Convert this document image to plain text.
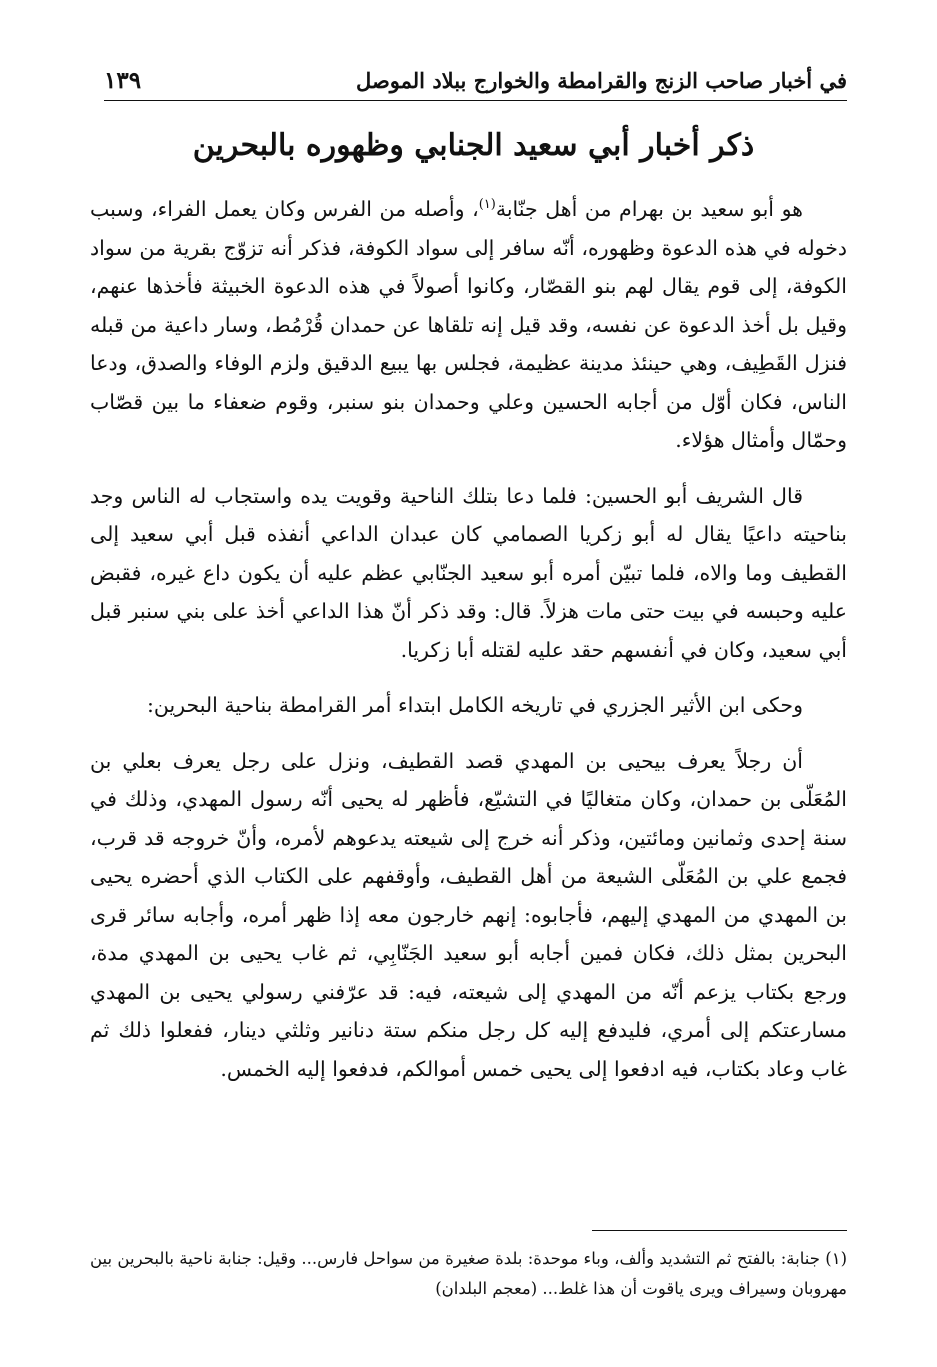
في أخبار صاحب الزنج والقرامطة والخوارج ببلاد الموصل
١٣٩
ذكر أخبار أبي سعيد الجنابي وظهوره بالبحرين

هو أبو سعيد بن بهرام من أهل جنّابة$^{(١)}$، وأصله من الفرس وكان يعمل الفراء، وسبب دخوله في هذه الدعوة وظهوره، أنّه سافر إلى سواد الكوفة، فذكر أنه تزوّج بقرية من سواد الكوفة، إلى قوم يقال لهم بنو القصّار، وكانوا أصولاً في هذه الدعوة الخبيثة فأخذها عنهم، وقيل بل أخذ الدعوة عن نفسه، وقد قيل إنه تلقاها عن حمدان قُرْمُط، وسار داعية من قبله فنزل القَطِيف، وهي حينئذ مدينة عظيمة، فجلس بها يبيع الدقيق ولزم الوفاء والصدق، ودعا الناس، فكان أوّل من أجابه الحسين وعلي وحمدان بنو سنبر، وقوم ضعفاء ما بين قصّاب وحمّال وأمثال هؤلاء.

قال الشريف أبو الحسين: فلما دعا بتلك الناحية وقويت يده واستجاب له الناس وجد بناحيته داعيًا يقال له أبو زكريا الصمامي كان عبدان الداعي أنفذه قبل أبي سعيد إلى القطيف وما والاه، فلما تبيّن أمره أبو سعيد الجنّابي عظم عليه أن يكون داع غيره، فقبض عليه وحبسه في بيت حتى مات هزلاً. قال: وقد ذكر أنّ هذا الداعي أخذ على بني سنبر قبل أبي سعيد، وكان في أنفسهم حقد عليه لقتله أبا زكريا.

وحكى ابن الأثير الجزري في تاريخه الكامل ابتداء أمر القرامطة بناحية البحرين:

أن رجلاً يعرف بيحيى بن المهدي قصد القطيف، ونزل على رجل يعرف بعلي بن المُعَلّى بن حمدان، وكان متغاليًا في التشيّع، فأظهر له يحيى أنّه رسول المهدي، وذلك في سنة إحدى وثمانين ومائتين، وذكر أنه خرج إلى شيعته يدعوهم لأمره، وأنّ خروجه قد قرب، فجمع علي بن المُعَلّى الشيعة من أهل القطيف، وأوقفهم على الكتاب الذي أحضره يحيى بن المهدي من المهدي إليهم، فأجابوه: إنهم خارجون معه إذا ظهر أمره، وأجابه سائر قرى البحرين بمثل ذلك، فكان فمين أجابه أبو سعيد الجَنّابِي، ثم غاب يحيى بن المهدي مدة، ورجع بكتاب يزعم أنّه من المهدي إلى شيعته، فيه: قد عرّفني رسولي يحيى بن المهدي مسارعتكم إلى أمري، فليدفع إليه كل رجل منكم ستة دنانير وثلثي دينار، ففعلوا ذلك ثم غاب وعاد بكتاب، فيه ادفعوا إلى يحيى خمس أموالكم، فدفعوا إليه الخمس.

(١) جنابة: بالفتح ثم التشديد وألف، وباء موحدة: بلدة صغيرة من سواحل فارس... وقيل: جنابة ناحية بالبحرين بين مهروبان وسيراف ويرى ياقوت أن هذا غلط... (معجم البلدان)
